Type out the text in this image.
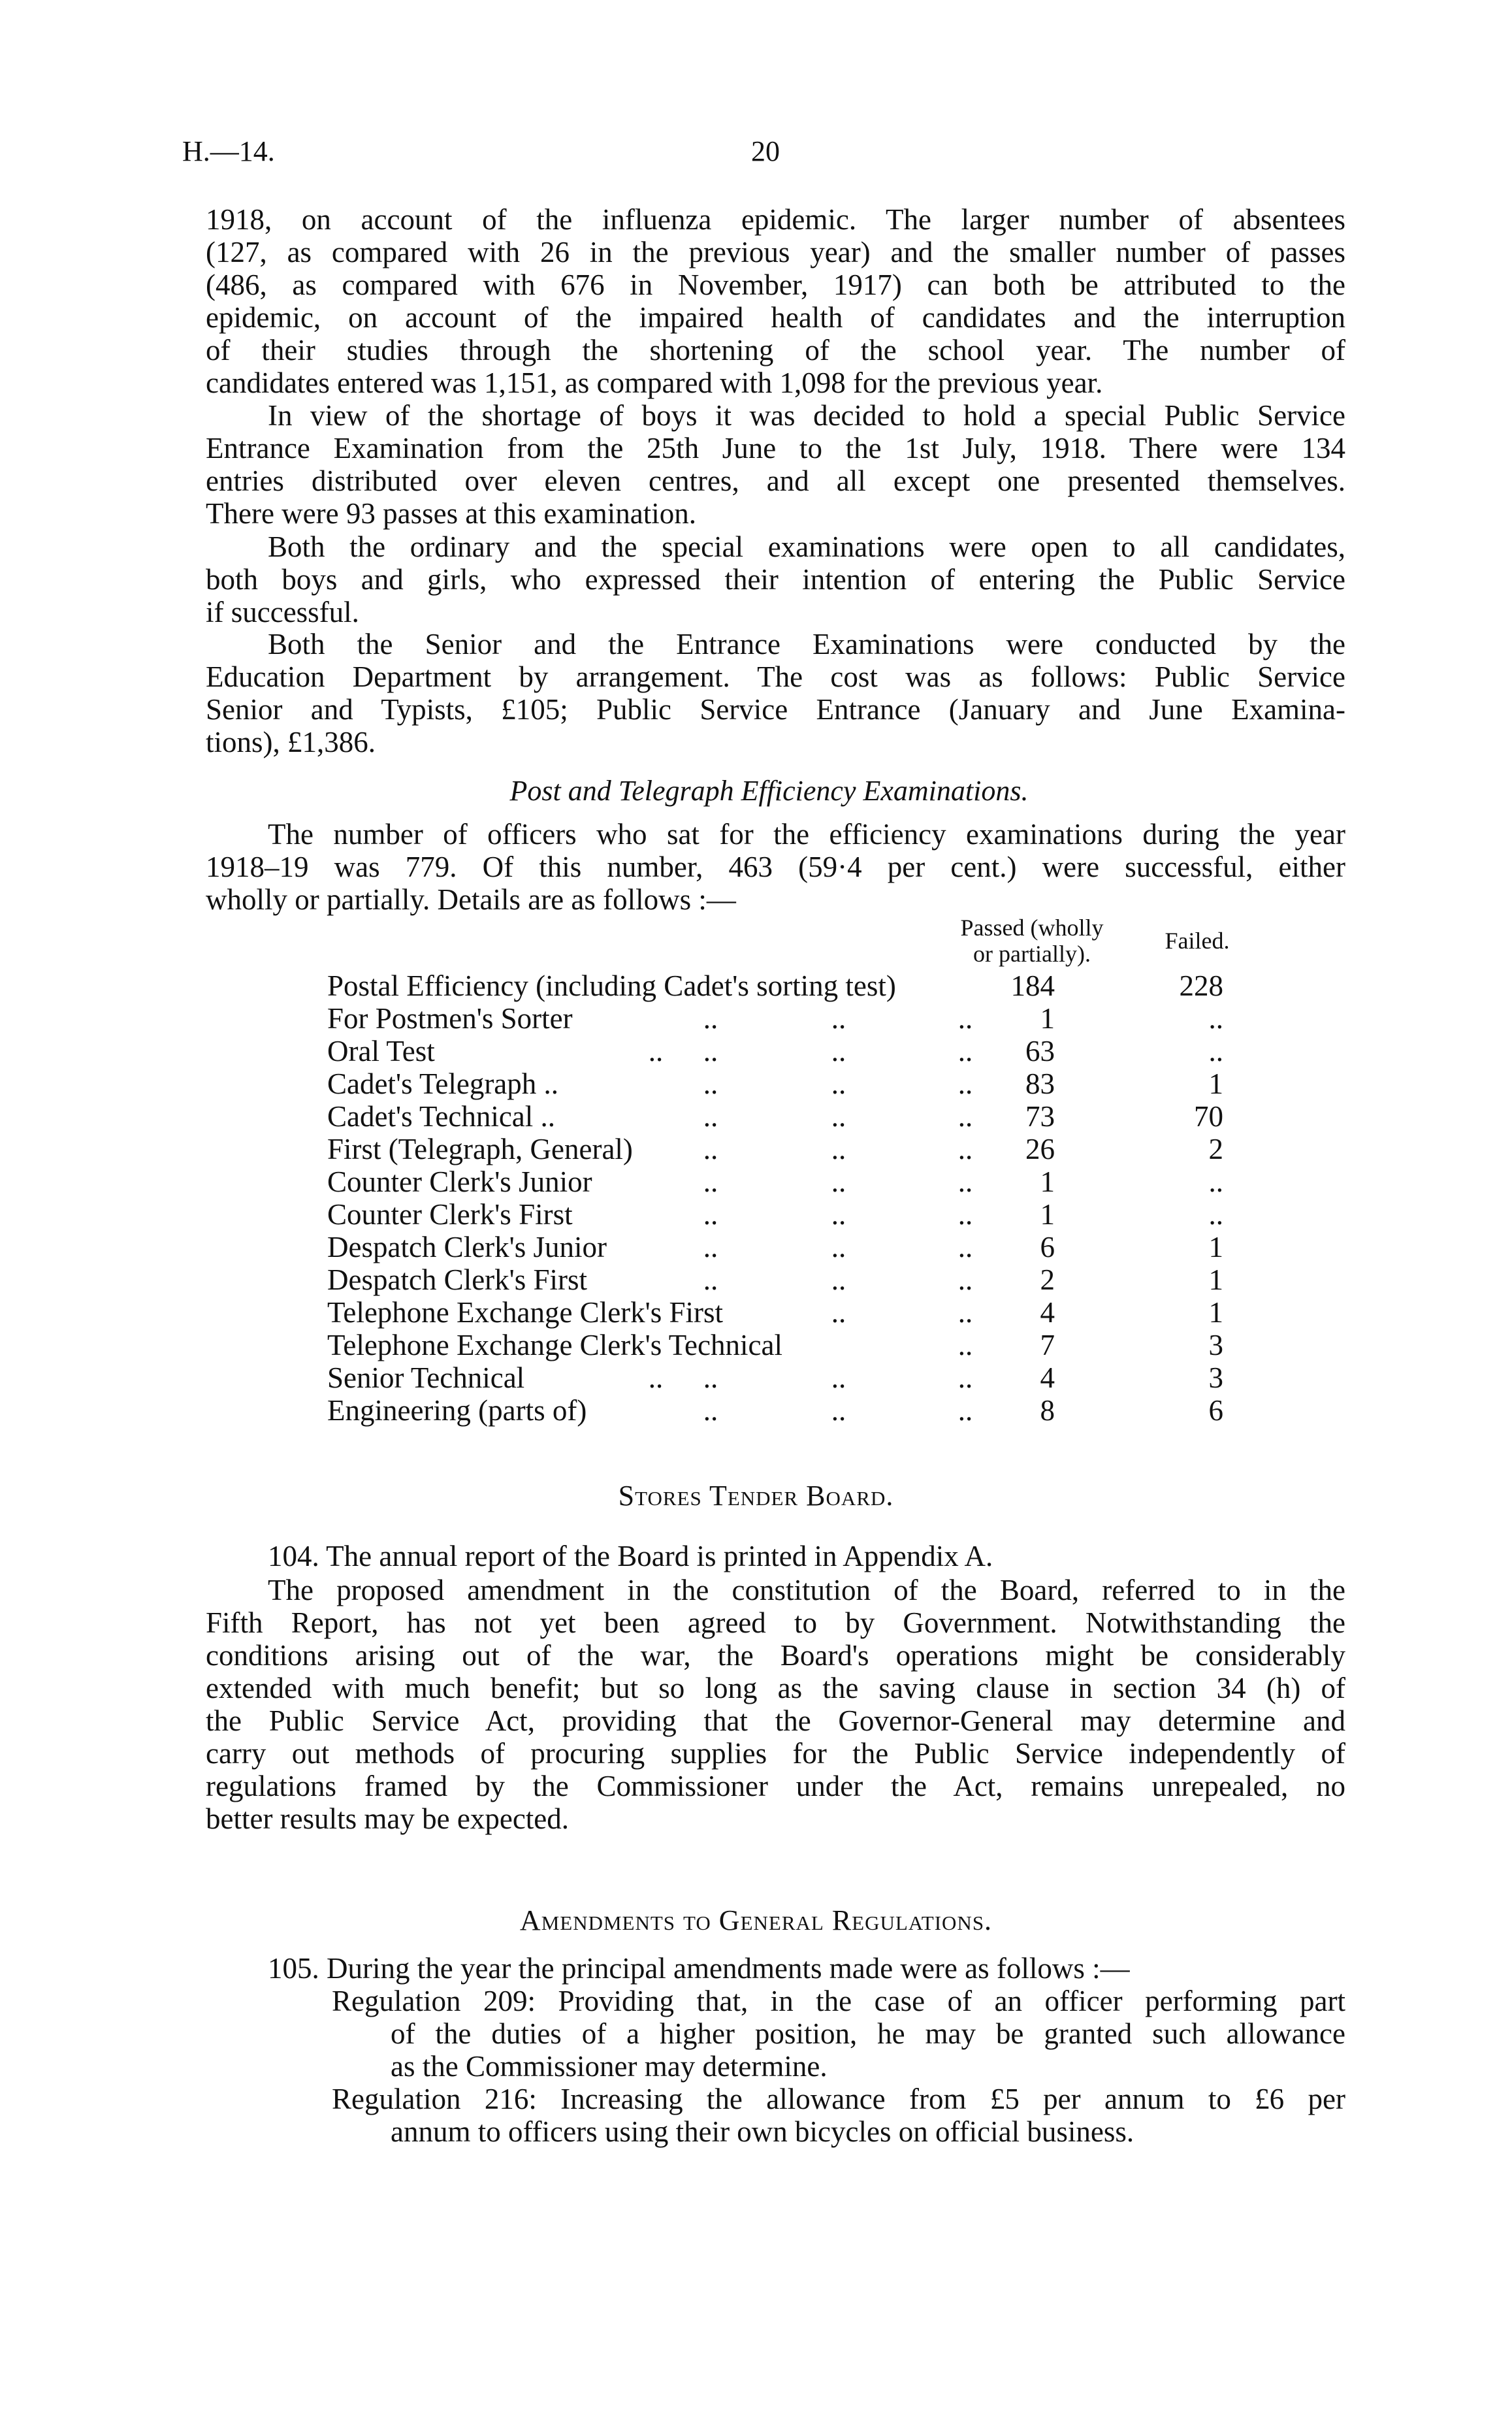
H.—14.	20
1918, on account of the influenza epidemic. The larger number of absentees
(127, as compared with 26 in the previous year) and the smaller number of passes
(486, as compared with 676 in November, 1917) can both be attributed to the
epidemic, on account of the impaired health of candidates and the interruption
of their studies through the shortening of the school year. The number of
candidates entered was 1,151, as compared with 1,098 for the previous year.
In view of the shortage of boys it was decided to hold a special Public Service
Entrance Examination from the 25th June to the 1st July, 1918. There were 134
entries distributed over eleven centres, and all except one presented themselves.
There were 93 passes at this examination.
Both the ordinary and the special examinations were open to all candidates,
both boys and girls, who expressed their intention of entering the Public Service
if successful.
Both the Senior and the Entrance Examinations were conducted by the
Education Department by arrangement. The cost was as follows: Public Service
Senior and Typists, £105; Public Service Entrance (January and June Examina-
tions), £1,386.
The number of officers who sat for the efficiency examinations during the year
1918–19 was 779. Of this number, 463 (59·4 per cent.) were successful, either
wholly or partially. Details are as follows :—
104. The annual report of the Board is printed in Appendix A.
The proposed amendment in the constitution of the Board, referred to in the
Fifth Report, has not yet been agreed to by Government. Notwithstanding the
conditions arising out of the war, the Board's operations might be considerably
extended with much benefit; but so long as the saving clause in section 34 (h) of
the Public Service Act, providing that the Governor-General may determine and
carry out methods of procuring supplies for the Public Service independently of
regulations framed by the Commissioner under the Act, remains unrepealed, no
better results may be expected.
105. During the year the principal amendments made were as follows :—
Regulation 209: Providing that, in the case of an officer performing part
of the duties of a higher position, he may be granted such allowance
as the Commissioner may determine.
Regulation 216: Increasing the allowance from £5 per annum to £6 per
annum to officers using their own bicycles on official business.
Post and Telegraph Efficiency Examinations.
Passed (wholly
or partially).	Failed.
Postal Efficiency (including Cadet's sorting test)	184	228
For Postmen's Sorter	..	..	.. 1	..
Oral Test	.. ..	..	.. 63	..
Cadet's Telegraph ..	..	..	.. 83	1
Cadet's Technical ..	..	..	.. 73	70
First (Telegraph, General) ..	..	.. 26	2
Counter Clerk's Junior	..	..	.. 1	..
Counter Clerk's First	..	..	.. 1	..
Despatch Clerk's Junior	..	..	.. 6	1
Despatch Clerk's First	..	..	.. 2	1
Telephone Exchange Clerk's First	..	.. 4	1
Telephone Exchange Clerk's Technical	.. 7	3
Senior Technical	.. ..	..	.. 4	3
Engineering (parts of)	..	..	.. 8	6
Stores Tender Board.
Amendments to General Regulations.
